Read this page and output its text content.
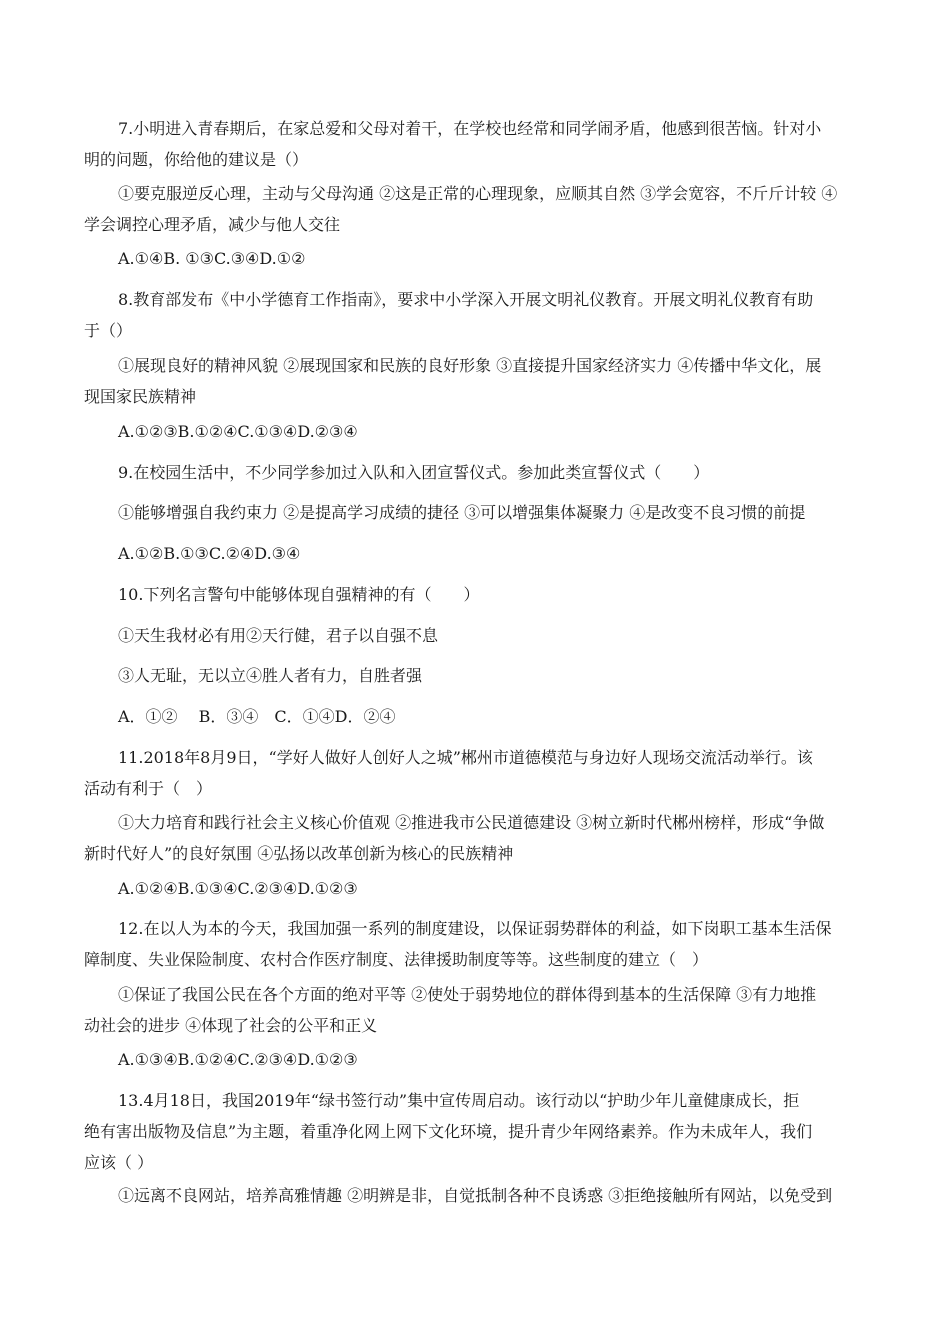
7.小明进入青春期后，在家总爱和父母对着干，在学校也经常和同学闹矛盾，他感到很苦恼。针对小
明的问题，你给他的建议是（）
①要克服逆反心理，主动与父母沟通 ②这是正常的心理现象，应顺其自然 ③学会宽容，不斤斤计较 ④
学会调控心理矛盾，减少与他人交往
A.①④B. ①③C.③④D.①②
8.教育部发布《中小学德育工作指南》，要求中小学深入开展文明礼仪教育。开展文明礼仪教育有助
于（）
①展现良好的精神风貌 ②展现国家和民族的良好形象 ③直接提升国家经济实力 ④传播中华文化，展
现国家民族精神
A.①②③B.①②④C.①③④D.②③④
9.在校园生活中，不少同学参加过入队和入团宣誓仪式。参加此类宣誓仪式（　　）
①能够增强自我约束力 ②是提高学习成绩的捷径 ③可以增强集体凝聚力 ④是改变不良习惯的前提
A.①②B.①③C.②④D.③④
10.下列名言警句中能够体现自强精神的有（　　）
①天生我材必有用②天行健，君子以自强不息
③人无耻，无以立④胜人者有力，自胜者强
A．①②　 B．③④　C．①④D．②④
11.2018年8月9日，“学好人做好人创好人之城”郴州市道德模范与身边好人现场交流活动举行。该
活动有利于（　）
①大力培育和践行社会主义核心价值观 ②推进我市公民道德建设 ③树立新时代郴州榜样，形成“争做
新时代好人”的良好氛围 ④弘扬以改革创新为核心的民族精神
A.①②④B.①③④C.②③④D.①②③
12.在以人为本的今天，我国加强一系列的制度建设，以保证弱势群体的利益，如下岗职工基本生活保
障制度、失业保险制度、农村合作医疗制度、法律援助制度等等。这些制度的建立（　）
①保证了我国公民在各个方面的绝对平等 ②使处于弱势地位的群体得到基本的生活保障 ③有力地推
动社会的进步 ④体现了社会的公平和正义
A.①③④B.①②④C.②③④D.①②③
13.4月18日，我国2019年“绿书签行动”集中宣传周启动。该行动以“护助少年儿童健康成长，拒
绝有害出版物及信息”为主题，着重净化网上网下文化环境，提升青少年网络素养。作为未成年人，我们
应该（ ）
①远离不良网站，培养高雅情趣 ②明辨是非，自觉抵制各种不良诱惑 ③拒绝接触所有网站，以免受到
